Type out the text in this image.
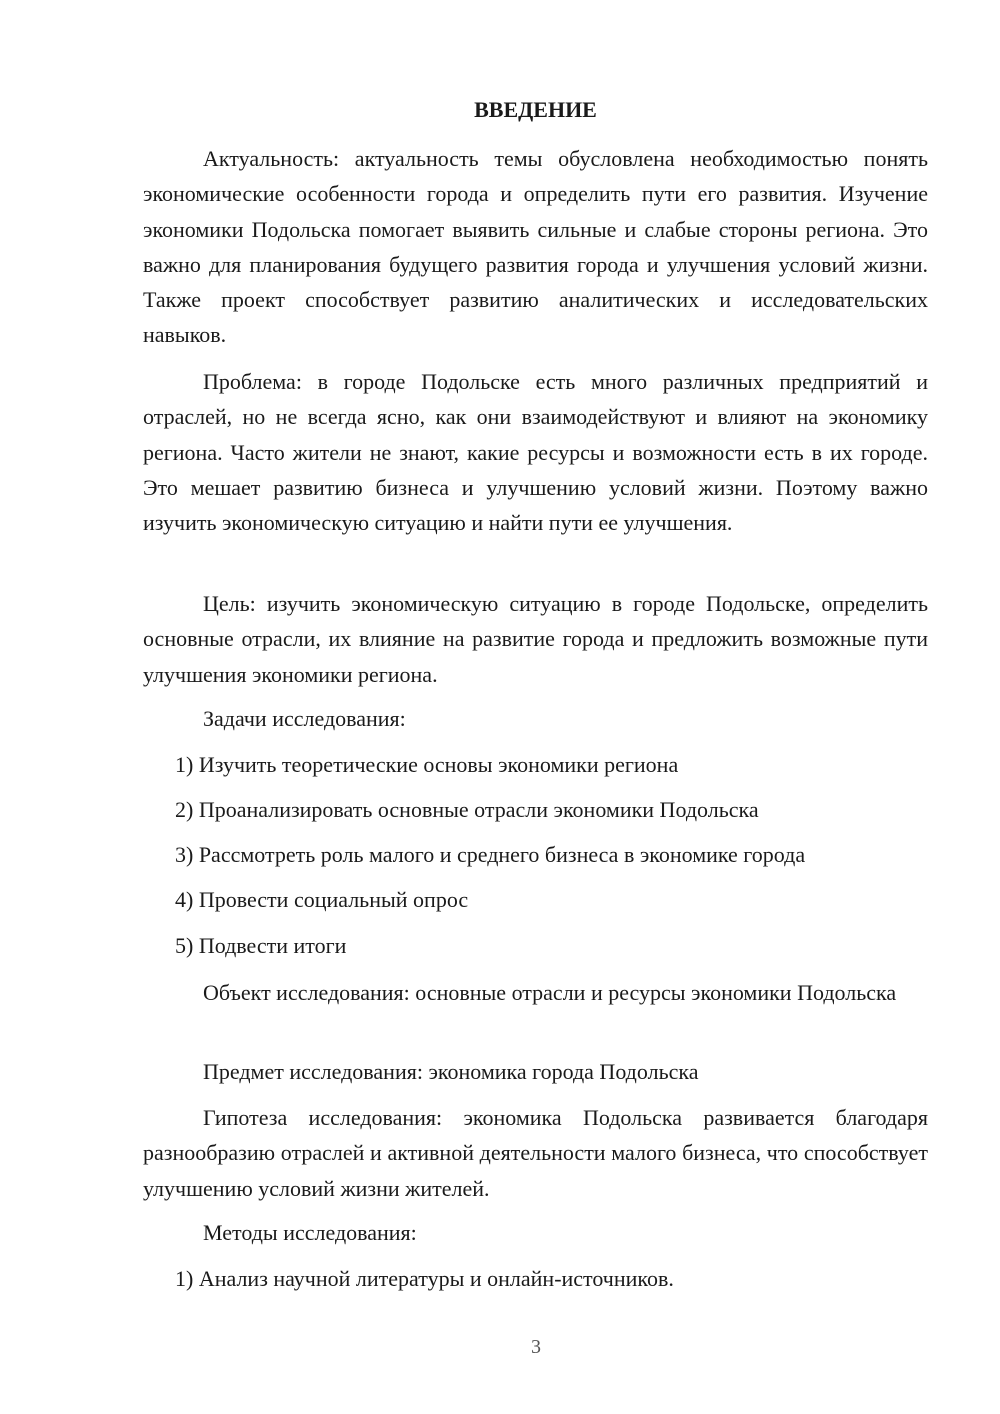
ВВЕДЕНИЕ

Актуальность: актуальность темы обусловлена необходимостью понять экономические особенности города и определить пути его развития. Изучение экономики Подольска помогает выявить сильные и слабые стороны региона. Это важно для планирования будущего развития города и улучшения условий жизни. Также проект способствует развитию аналитических и исследовательских навыков.

Проблема: в городе Подольске есть много различных предприятий и отраслей, но не всегда ясно, как они взаимодействуют и влияют на экономику региона. Часто жители не знают, какие ресурсы и возможности есть в их городе. Это мешает развитию бизнеса и улучшению условий жизни. Поэтому важно изучить экономическую ситуацию и найти пути ее улучшения.

Цель: изучить экономическую ситуацию в городе Подольске, определить основные отрасли, их влияние на развитие города и предложить возможные пути улучшения экономики региона.

Задачи исследования:

1) Изучить теоретические основы экономики региона

2) Проанализировать основные отрасли экономики Подольска

3) Рассмотреть роль малого и среднего бизнеса в экономике города

4) Провести социальный опрос

5) Подвести итоги

Объект исследования: основные отрасли и ресурсы экономики Подольска

Предмет исследования: экономика города Подольска

Гипотеза исследования: экономика Подольска развивается благодаря разнообразию отраслей и активной деятельности малого бизнеса, что способствует улучшению условий жизни жителей.

Методы исследования:

1) Анализ научной литературы и онлайн-источников.

3
